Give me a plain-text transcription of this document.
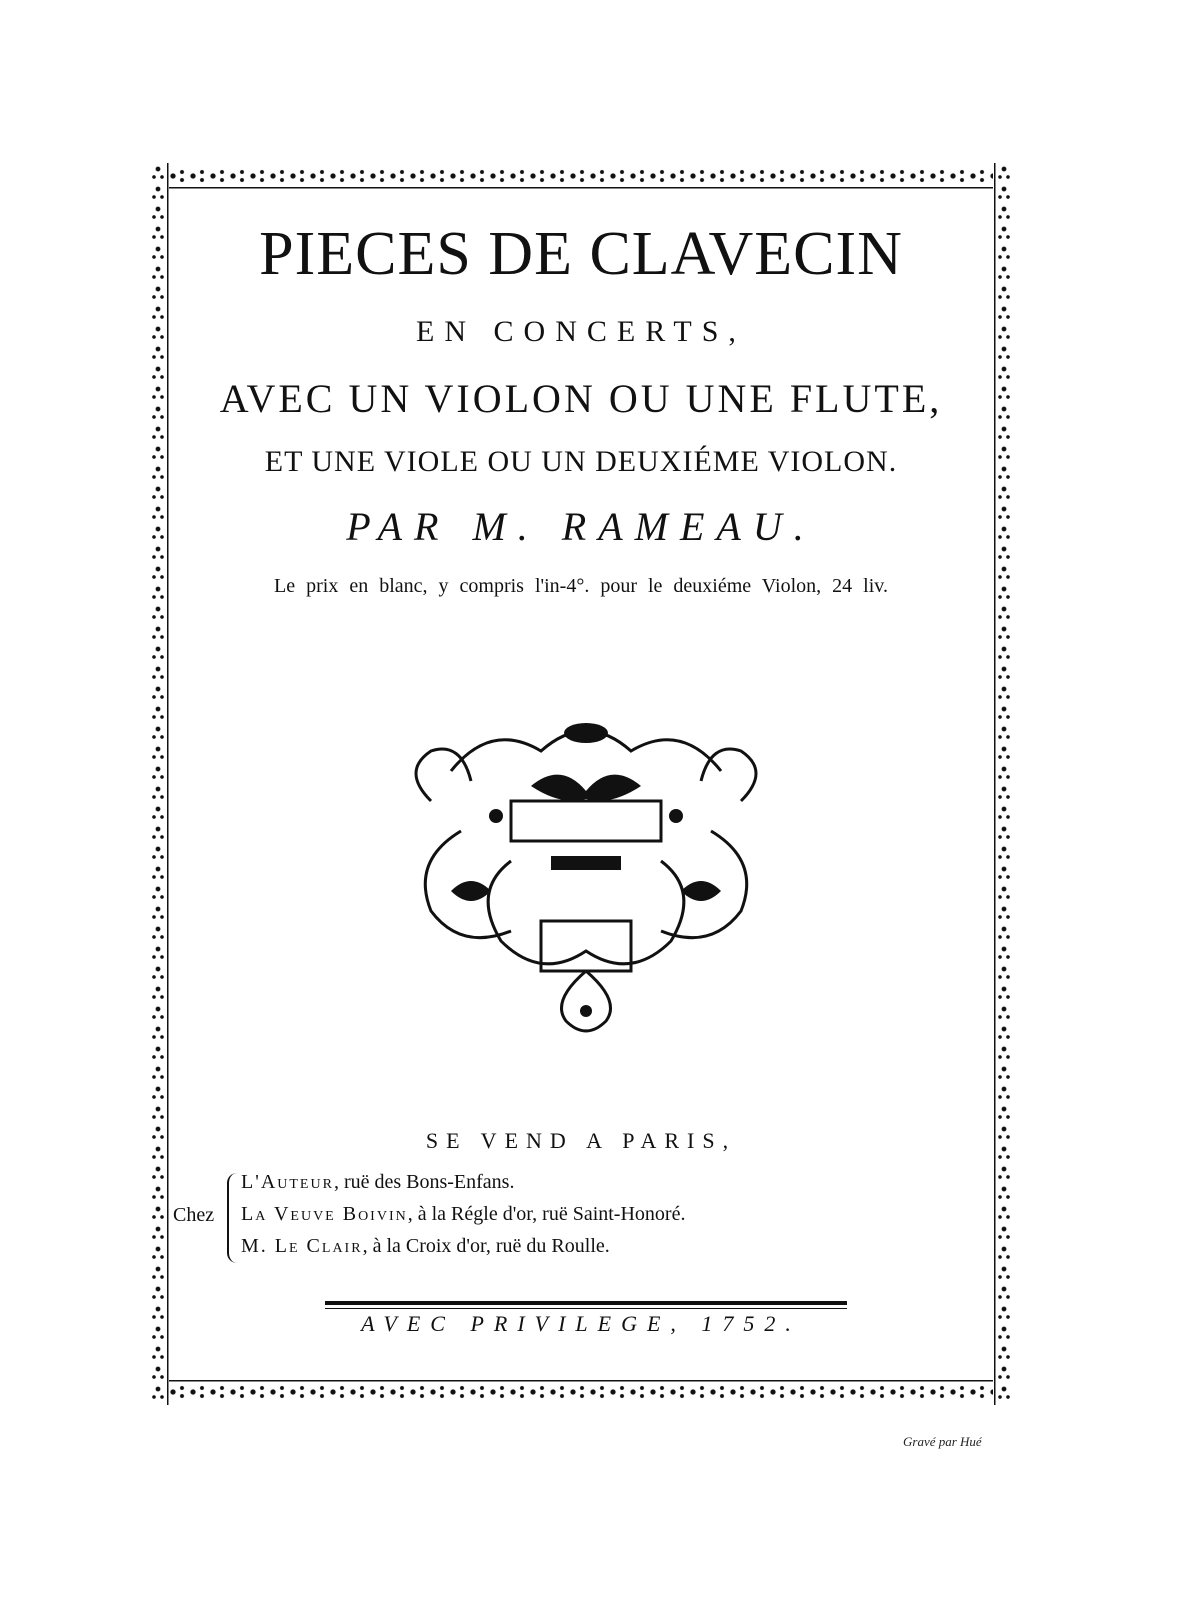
PIECES DE CLAVECIN
EN CONCERTS,
AVEC UN VIOLON OU UNE FLUTE,
ET UNE VIOLE OU UN DEUXIÉME VIOLON.
PAR M. RAMEAU.
Le prix en blanc, y compris l'in-4°. pour le deuxiéme Violon, 24 liv.
SE VEND A PARIS,
Chez
L'Auteur, ruë des Bons-Enfans.
La Veuve Boivin, à la Régle d'or, ruë Saint-Honoré.
M. Le Clair, à la Croix d'or, ruë du Roulle.
AVEC PRIVILEGE, 1752.
Gravé par Hué
